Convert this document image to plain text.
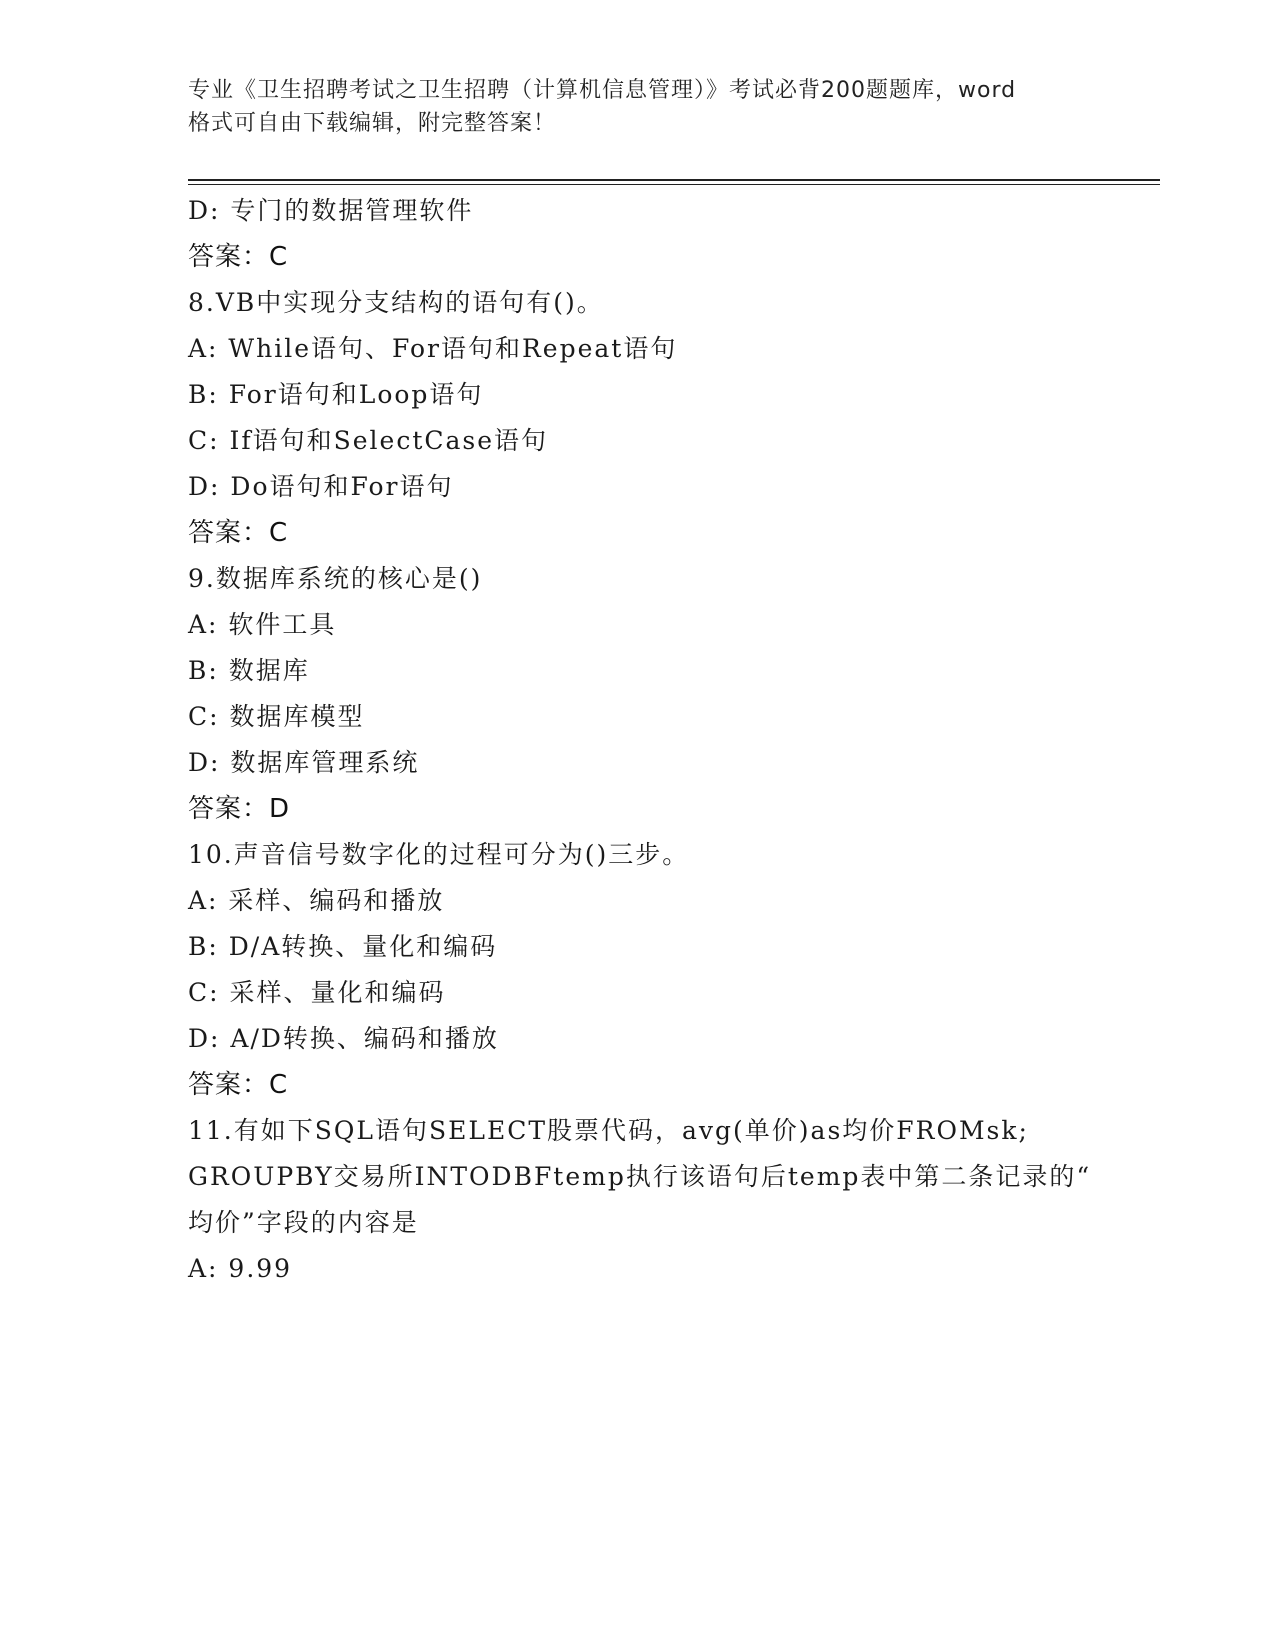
专业《卫生招聘考试之卫生招聘（计算机信息管理）》考试必背200题题库，word
格式可自由下载编辑，附完整答案！
D: 专门的数据管理软件
答案：C
8.VB中实现分支结构的语句有()。
A: While语句、For语句和Repeat语句
B: For语句和Loop语句
C: If语句和SelectCase语句
D: Do语句和For语句
答案：C
9.数据库系统的核心是()
A: 软件工具
B: 数据库
C: 数据库模型
D: 数据库管理系统
答案：D
10.声音信号数字化的过程可分为()三步。
A: 采样、编码和播放
B: D/A转换、量化和编码
C: 采样、量化和编码
D: A/D转换、编码和播放
答案：C
11.有如下SQL语句SELECT股票代码，avg(单价)as均价FROMsk;
GROUPBY交易所INTODBFtemp执行该语句后temp表中第二条记录的“
均价”字段的内容是
A: 9.99
